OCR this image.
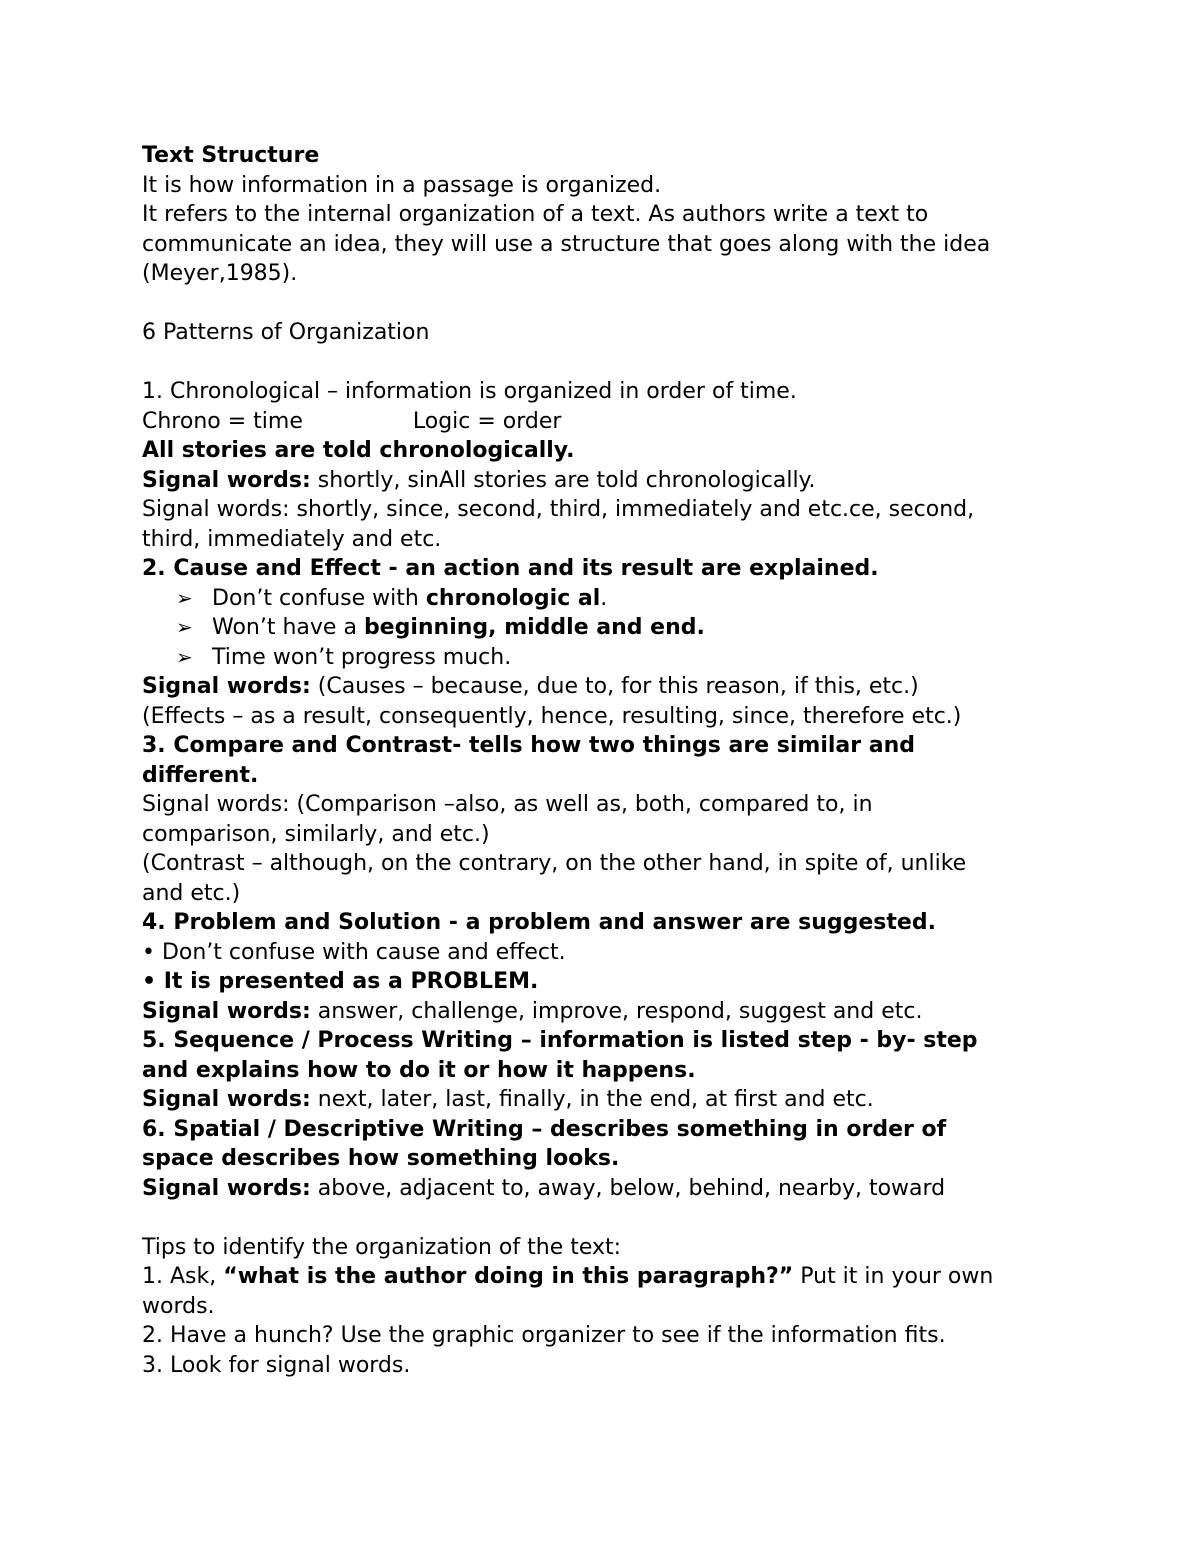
Text Structure
It is how information in a passage is organized.
It refers to the internal organization of a text. As authors write a text to
communicate an idea, they will use a structure that goes along with the idea
(Meyer,1985).
6 Patterns of Organization
1. Chronological – information is organized in order of time.
Chrono = time	Logic = order
All stories are told chronologically.
Signal words: shortly, sinAll stories are told chronologically.
Signal words: shortly, since, second, third, immediately and etc.ce, second,
third, immediately and etc.
2. Cause and Effect - an action and its result are explained.
➢ Don’t confuse with chronologic al.
➢ Won’t have a beginning, middle and end.
➢ Time won’t progress much.
Signal words: (Causes – because, due to, for this reason, if this, etc.)
(Effects – as a result, consequently, hence, resulting, since, therefore etc.)
3. Compare and Contrast- tells how two things are similar and
different.
Signal words: (Comparison –also, as well as, both, compared to, in
comparison, similarly, and etc.)
(Contrast – although, on the contrary, on the other hand, in spite of, unlike
and etc.)
4. Problem and Solution - a problem and answer are suggested.
• Don’t confuse with cause and effect.
• It is presented as a PROBLEM.
Signal words: answer, challenge, improve, respond, suggest and etc.
5. Sequence / Process Writing – information is listed step - by- step
and explains how to do it or how it happens.
Signal words: next, later, last, finally, in the end, at first and etc.
6. Spatial / Descriptive Writing – describes something in order of
space describes how something looks.
Signal words: above, adjacent to, away, below, behind, nearby, toward
Tips to identify the organization of the text:
1. Ask, “what is the author doing in this paragraph?” Put it in your own
words.
2. Have a hunch? Use the graphic organizer to see if the information fits.
3. Look for signal words.
